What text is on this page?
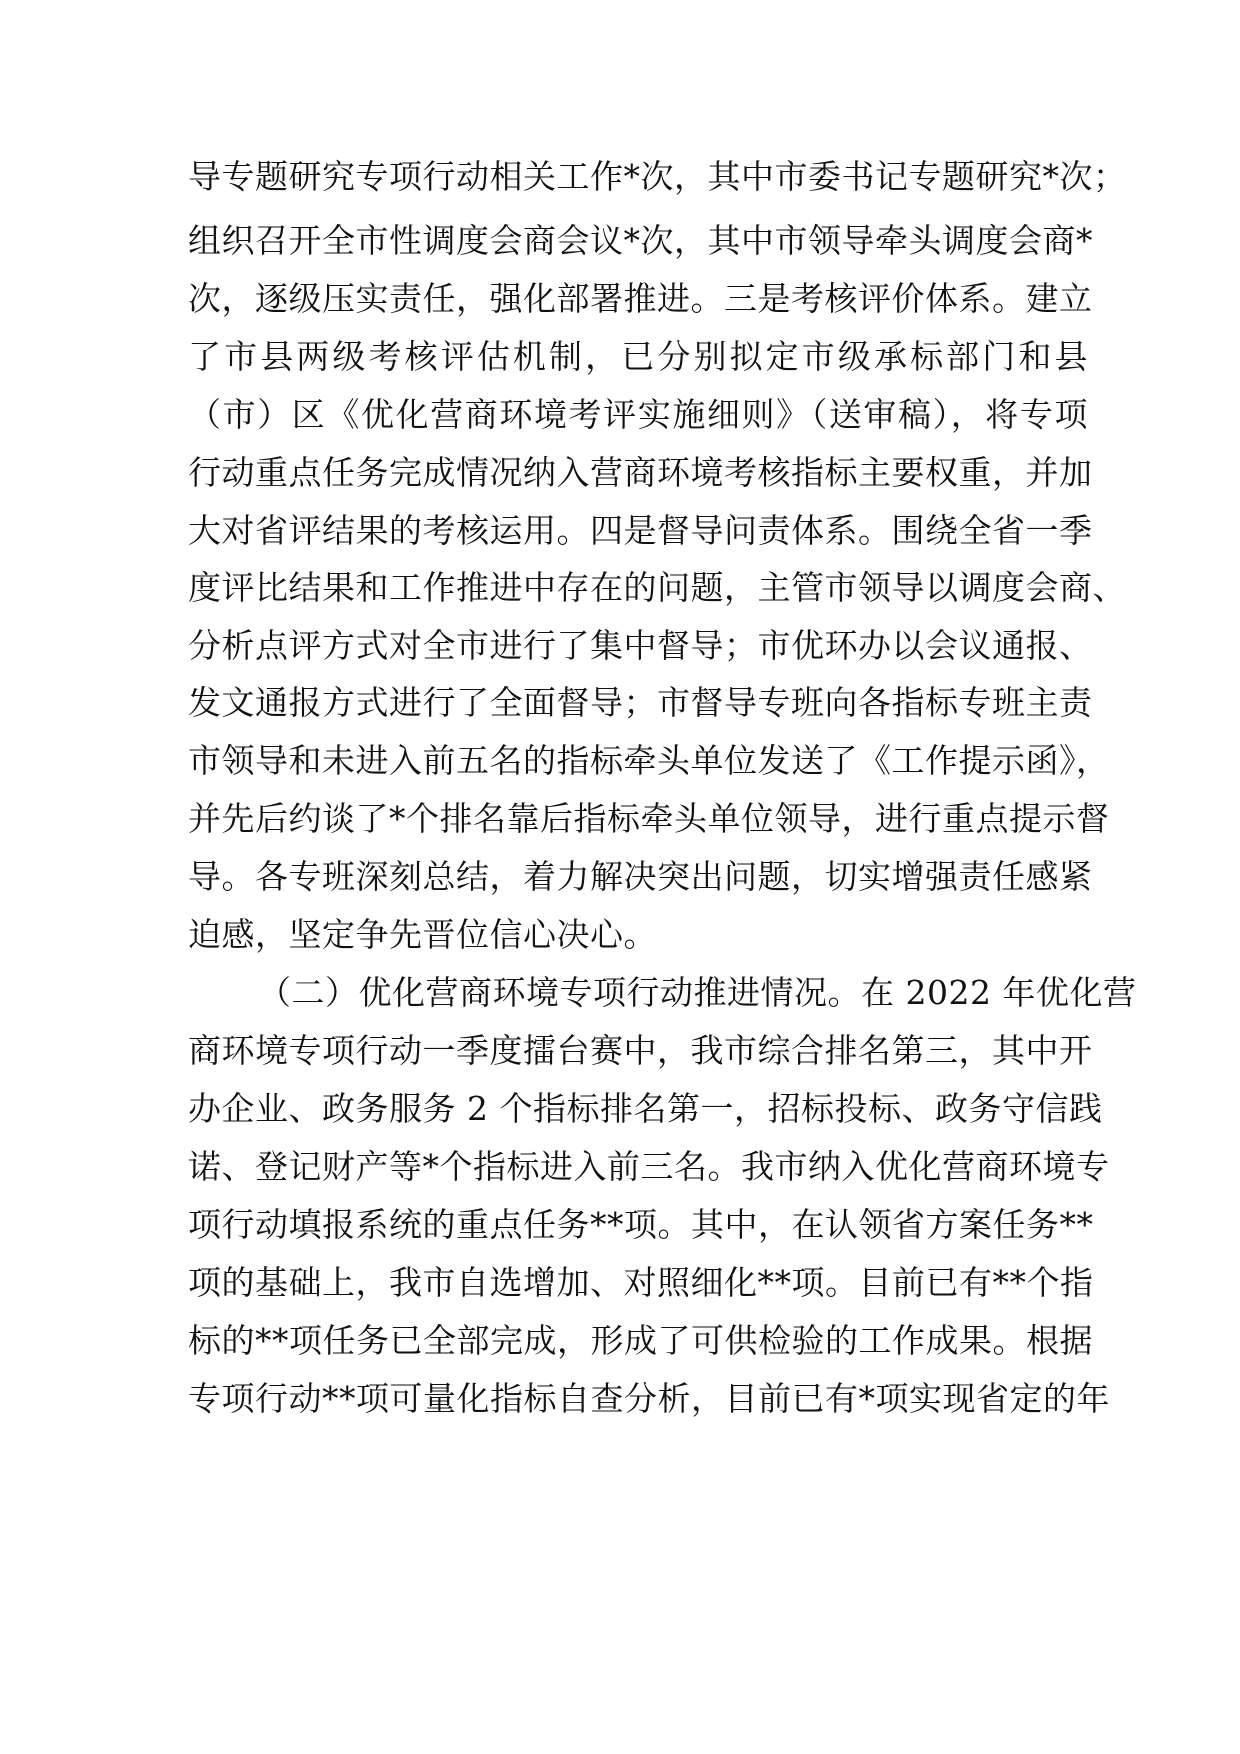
导专题研究专项行动相关工作*次，其中市委书记专题研究*次；
组织召开全市性调度会商会议*次，其中市领导牵头调度会商*
次，逐级压实责任，强化部署推进。三是考核评价体系。建立
了市县两级考核评估机制，已分别拟定市级承标部门和县
（市）区《优化营商环境考评实施细则》（送审稿），将专项
行动重点任务完成情况纳入营商环境考核指标主要权重，并加
大对省评结果的考核运用。四是督导问责体系。围绕全省一季
度评比结果和工作推进中存在的问题，主管市领导以调度会商、
分析点评方式对全市进行了集中督导；市优环办以会议通报、
发文通报方式进行了全面督导；市督导专班向各指标专班主责
市领导和未进入前五名的指标牵头单位发送了《工作提示函》，
并先后约谈了*个排名靠后指标牵头单位领导，进行重点提示督
导。各专班深刻总结，着力解决突出问题，切实增强责任感紧
迫感，坚定争先晋位信心决心。
（二）优化营商环境专项行动推进情况。在 2022 年优化营
商环境专项行动一季度擂台赛中，我市综合排名第三，其中开
办企业、政务服务 2 个指标排名第一，招标投标、政务守信践
诺、登记财产等*个指标进入前三名。我市纳入优化营商环境专
项行动填报系统的重点任务**项。其中，在认领省方案任务**
项的基础上，我市自选增加、对照细化**项。目前已有**个指
标的**项任务已全部完成，形成了可供检验的工作成果。根据
专项行动**项可量化指标自查分析，目前已有*项实现省定的年
